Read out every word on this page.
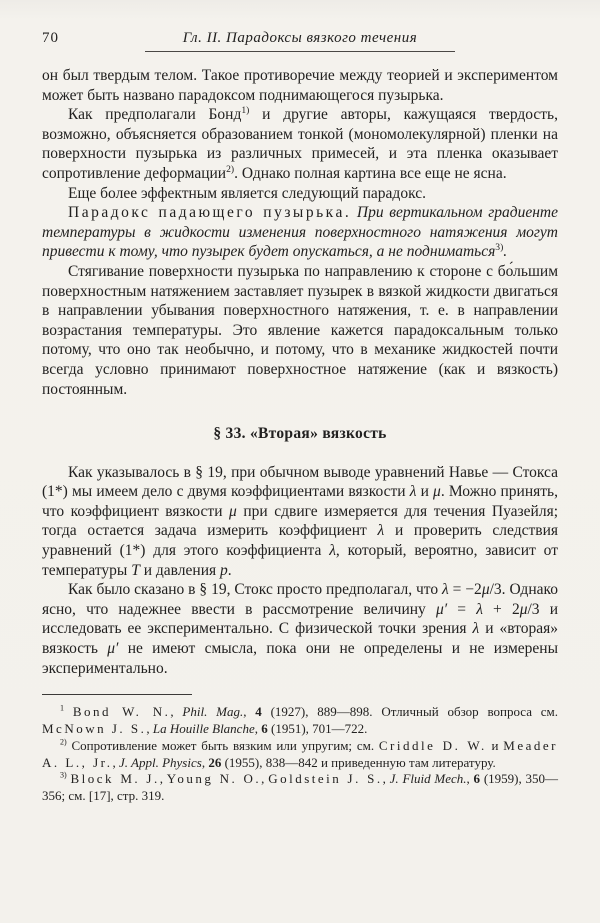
70	Гл. II. Парадоксы вязкого течения

он был твердым телом. Такое противоречие между теорией и экспериментом может быть названо парадоксом поднимающегося пузырька.

Как предполагали Бонд$^{1)}$ и другие авторы, кажущаяся твердость, возможно, объясняется образованием тонкой (мономолекулярной) пленки на поверхности пузырька из различных примесей, и эта пленка оказывает сопротивление деформации$^{2)}$. Однако полная картина все еще не ясна.

Еще более эффектным является следующий парадокс.

Парадокс падающего пузырька. При вертикальном градиенте температуры в жидкости изменения поверхностного натяжения могут привести к тому, что пузырек будет опускаться, а не подниматься$^{3)}$.

Стягивание поверхности пузырька по направлению к стороне с бо́льшим поверхностным натяжением заставляет пузырек в вязкой жидкости двигаться в направлении убывания поверхностного натяжения, т. е. в направлении возрастания температуры. Это явление кажется парадоксальным только потому, что оно так необычно, и потому, что в механике жидкостей почти всегда условно принимают поверхностное натяжение (как и вязкость) постоянным.

§ 33. «Вторая» вязкость

Как указывалось в § 19, при обычном выводе уравнений Навье — Стокса (1*) мы имеем дело с двумя коэффициентами вязкости λ и μ. Можно принять, что коэффициент вязкости μ при сдвиге измеряется для течения Пуазейля; тогда остается задача измерить коэффициент λ и проверить следствия уравнений (1*) для этого коэффициента λ, который, вероятно, зависит от температуры T и давления p.

Как было сказано в § 19, Стокс просто предполагал, что λ = −2μ/3. Однако ясно, что надежнее ввести в рассмотрение величину μ′ = λ + 2μ/3 и исследовать ее экспериментально. С физической точки зрения λ и «вторая» вязкость μ′ не имеют смысла, пока они не определены и не измерены экспериментально.

$^1$ Bond W. N., Phil. Mag., 4 (1927), 889—898. Отличный обзор вопроса см. McNown J. S., La Houille Blanche, 6 (1951), 701—722.

$^{2)}$ Сопротивление может быть вязким или упругим; см. Criddle D. W. и Meader A. L., Jr., J. Appl. Physics, 26 (1955), 838—842 и приведенную там литературу.

$^{3)}$ Block M. J., Young N. O., Goldstein J. S., J. Fluid Mech., 6 (1959), 350—356; см. [17], стр. 319.
